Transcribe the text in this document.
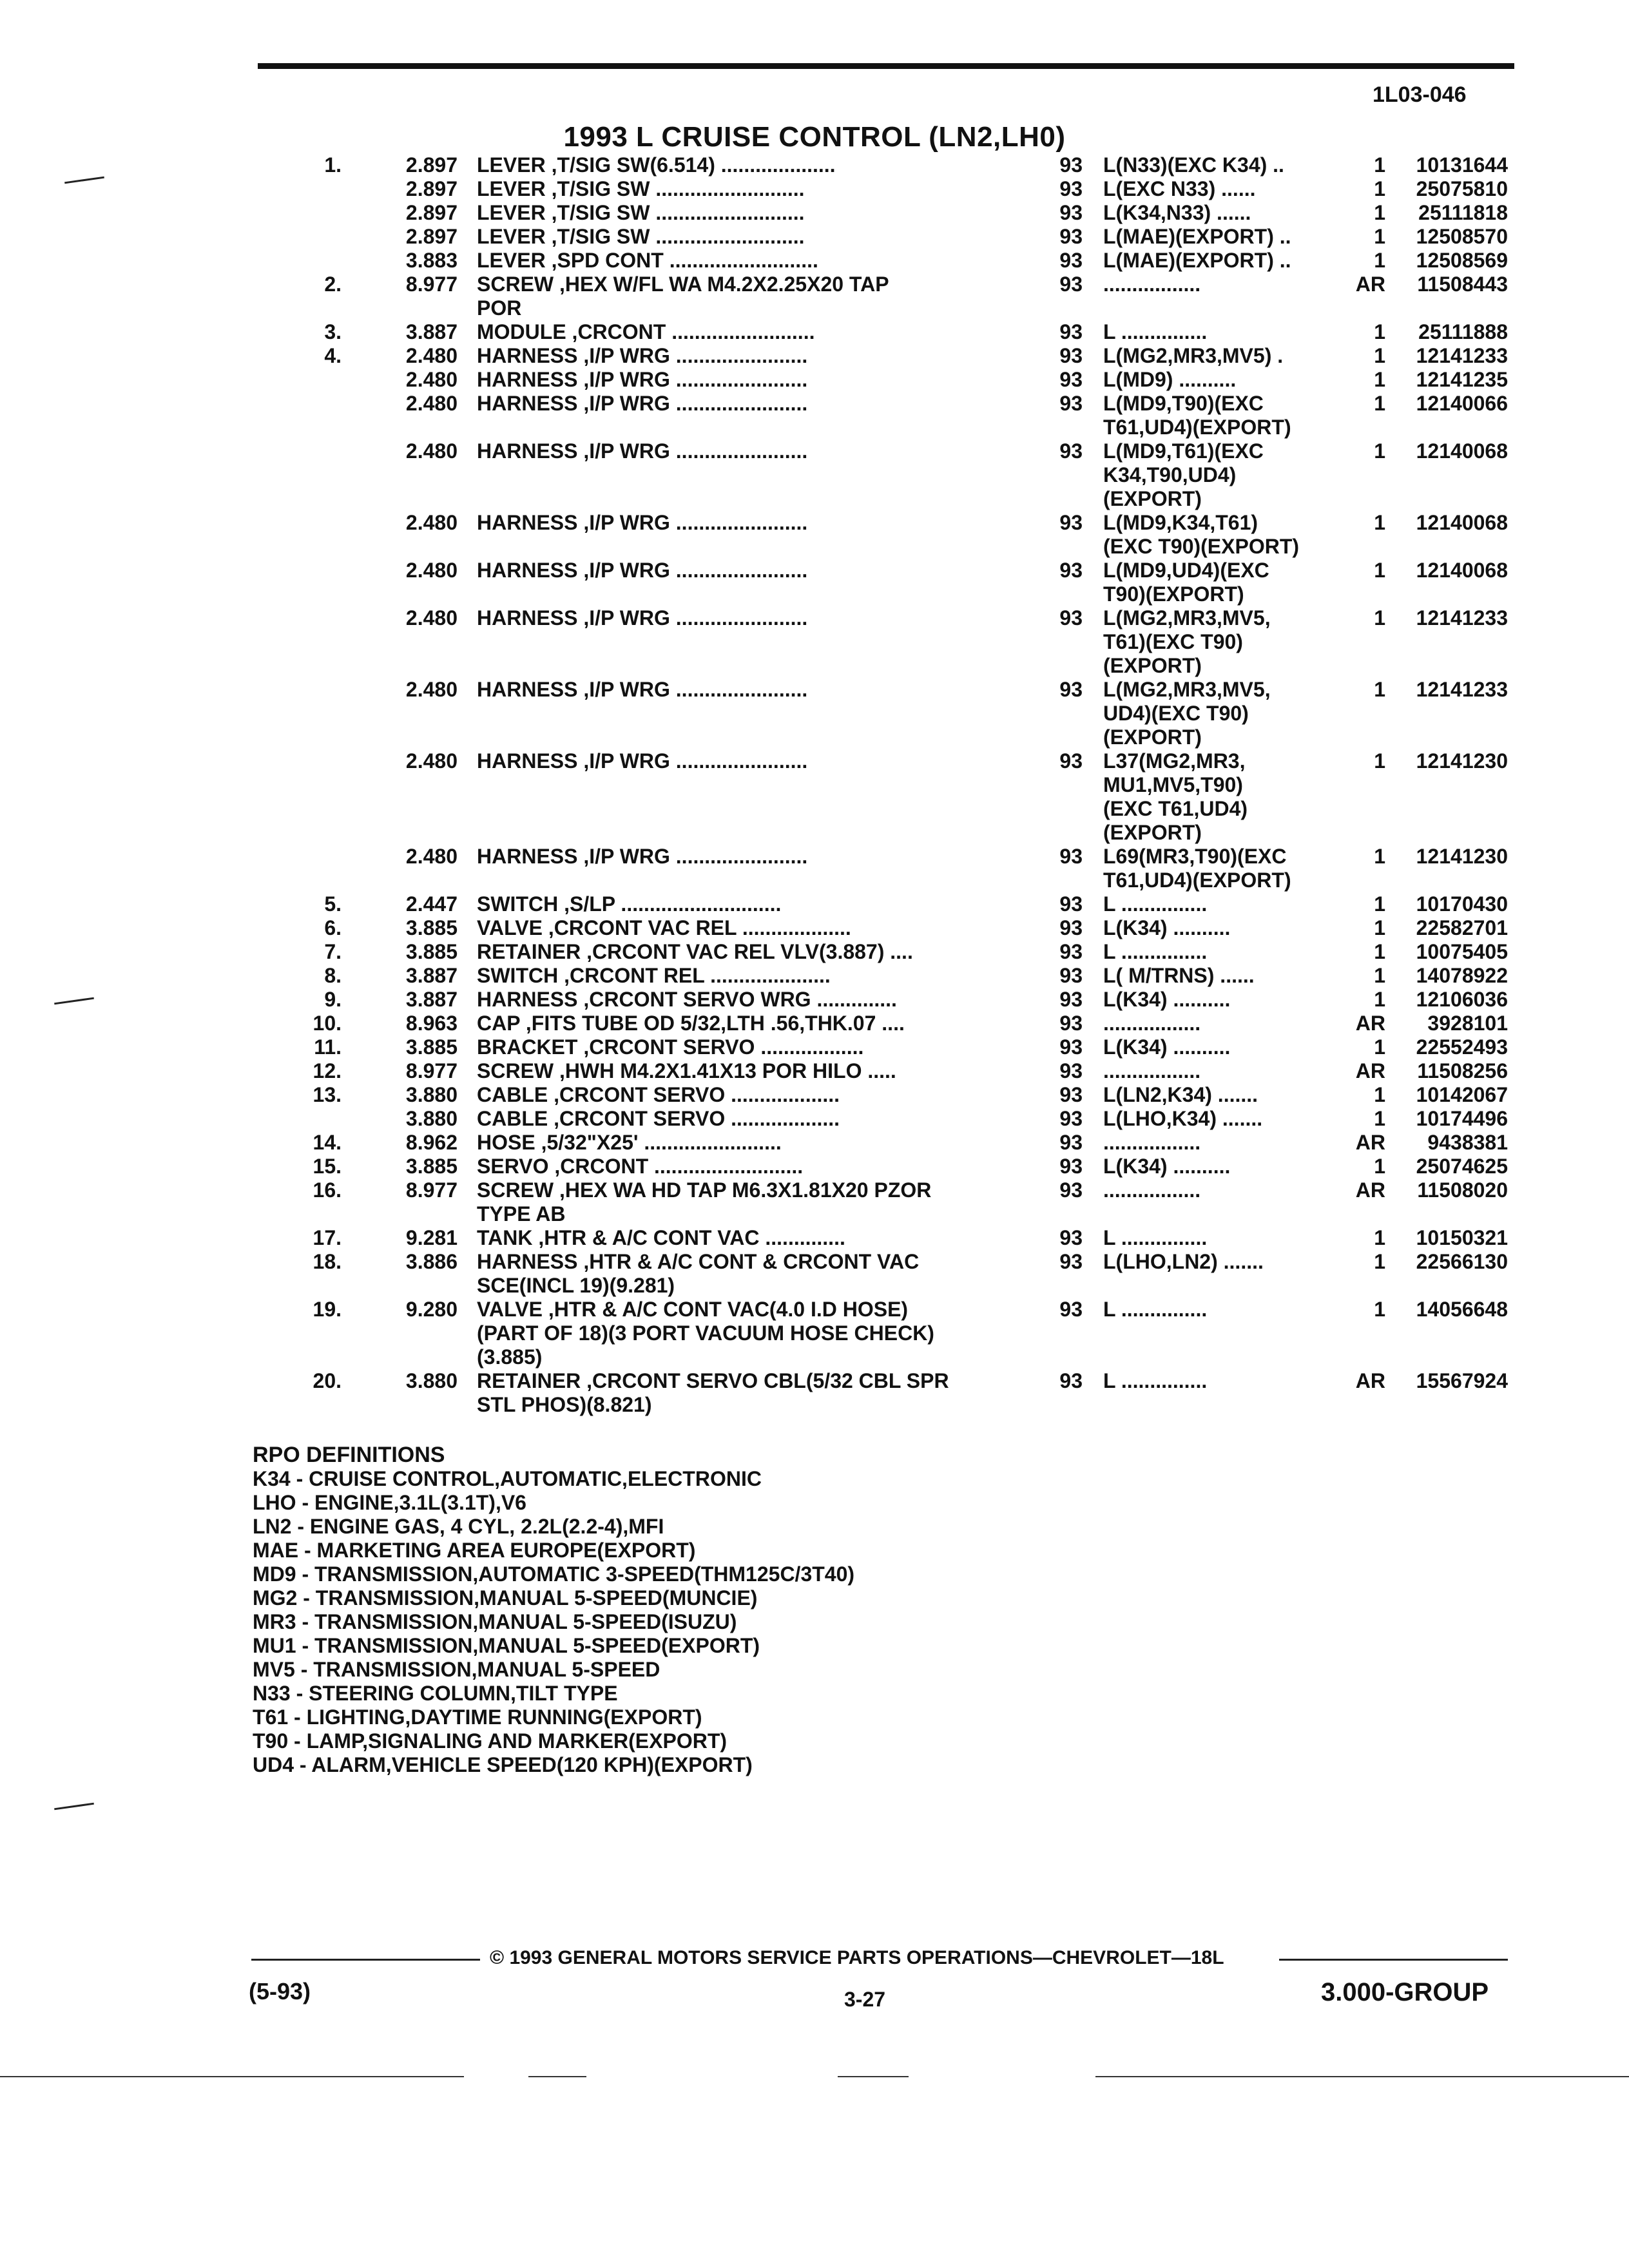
1L03-046
1993 L CRUISE CONTROL (LN2,LH0)
1.	2.897 LEVER ,T/SIG SW(6.514) ....................	93 L(N33)(EXC K34) ..	1	10131644
2.897 LEVER ,T/SIG SW ..........................	93 L(EXC N33) ......	1	25075810
2.897 LEVER ,T/SIG SW ..........................	93 L(K34,N33) ......	1	25111818
2.897 LEVER ,T/SIG SW ..........................	93 L(MAE)(EXPORT) ..	1	12508570
3.883 LEVER ,SPD CONT ..........................	93 L(MAE)(EXPORT) ..	1	12508569
2.	8.977 SCREW ,HEX W/FL WA M4.2X2.25X20 TAP
POR
93 .................	AR	11508443
3.	3.887 MODULE ,CRCONT .........................	93 L ...............	1	25111888
4.	2.480 HARNESS ,I/P WRG .......................	93 L(MG2,MR3,MV5) .	1	12141233
2.480 HARNESS ,I/P WRG .......................	93 L(MD9) ..........	1	12141235
2.480 HARNESS ,I/P WRG .......................	93 L(MD9,T90)(EXC
T61,UD4)(EXPORT)
1	12140066
2.480 HARNESS ,I/P WRG .......................	93 L(MD9,T61)(EXC
K34,T90,UD4)
(EXPORT)
1	12140068
2.480 HARNESS ,I/P WRG .......................	93 L(MD9,K34,T61)
(EXC T90)(EXPORT)
1	12140068
2.480 HARNESS ,I/P WRG .......................	93 L(MD9,UD4)(EXC
T90)(EXPORT)
1	12140068
2.480 HARNESS ,I/P WRG .......................	93 L(MG2,MR3,MV5,
T61)(EXC T90)
(EXPORT)
1	12141233
2.480 HARNESS ,I/P WRG .......................	93 L(MG2,MR3,MV5,
UD4)(EXC T90)
(EXPORT)
1	12141233
2.480 HARNESS ,I/P WRG .......................	93 L37(MG2,MR3,
MU1,MV5,T90)
(EXC T61,UD4)
(EXPORT)
1	12141230
2.480 HARNESS ,I/P WRG .......................	93 L69(MR3,T90)(EXC
T61,UD4)(EXPORT)
1	12141230
5.	2.447 SWITCH ,S/LP ............................	93 L ...............	1	10170430
6.	3.885 VALVE ,CRCONT VAC REL ...................	93 L(K34) ..........	1	22582701
7.	3.885 RETAINER ,CRCONT VAC REL VLV(3.887) ....	93 L ...............	1	10075405
8.	3.887 SWITCH ,CRCONT REL .....................	93 L( M/TRNS) ......	1	14078922
9.	3.887 HARNESS ,CRCONT SERVO WRG ..............	93 L(K34) ..........	1	12106036
10.	8.963 CAP ,FITS TUBE OD 5/32,LTH .56,THK.07 ....	93 .................	AR	3928101
11.	3.885 BRACKET ,CRCONT SERVO ..................	93 L(K34) ..........	1	22552493
12.	8.977 SCREW ,HWH M4.2X1.41X13 POR HILO .....	93 .................	AR	11508256
13.	3.880 CABLE ,CRCONT SERVO ...................	93 L(LN2,K34) .......	1	10142067
3.880 CABLE ,CRCONT SERVO ...................	93 L(LHO,K34) .......	1	10174496
14.	8.962 HOSE ,5/32"X25' ........................	93 .................	AR	9438381
15.	3.885 SERVO ,CRCONT ..........................	93 L(K34) ..........	1	25074625
16.	8.977 SCREW ,HEX WA HD TAP M6.3X1.81X20 PZOR
TYPE AB
93 .................	AR	11508020
17.	9.281 TANK ,HTR & A/C CONT VAC ..............	93 L ...............	1	10150321
18.	3.886 HARNESS ,HTR & A/C CONT & CRCONT VAC
SCE(INCL 19)(9.281)
93 L(LHO,LN2) .......	1	22566130
19.	9.280 VALVE ,HTR & A/C CONT VAC(4.0 I.D HOSE)
(PART OF 18)(3 PORT VACUUM HOSE CHECK)
(3.885)
93 L ...............	1	14056648
20.	3.880 RETAINER ,CRCONT SERVO CBL(5/32 CBL SPR
STL PHOS)(8.821)
93 L ...............	AR	15567924
RPO DEFINITIONS
K34 - CRUISE CONTROL,AUTOMATIC,ELECTRONIC
LHO - ENGINE,3.1L(3.1T),V6
LN2 - ENGINE GAS, 4 CYL, 2.2L(2.2-4),MFI
MAE - MARKETING AREA EUROPE(EXPORT)
MD9 - TRANSMISSION,AUTOMATIC 3-SPEED(THM125C/3T40)
MG2 - TRANSMISSION,MANUAL 5-SPEED(MUNCIE)
MR3 - TRANSMISSION,MANUAL 5-SPEED(ISUZU)
MU1 - TRANSMISSION,MANUAL 5-SPEED(EXPORT)
MV5 - TRANSMISSION,MANUAL 5-SPEED
N33 - STEERING COLUMN,TILT TYPE
T61 - LIGHTING,DAYTIME RUNNING(EXPORT)
T90 - LAMP,SIGNALING AND MARKER(EXPORT)
UD4 - ALARM,VEHICLE SPEED(120 KPH)(EXPORT)
© 1993 GENERAL MOTORS SERVICE PARTS OPERATIONS—CHEVROLET—18L
(5-93)	3-27	3.000-GROUP
